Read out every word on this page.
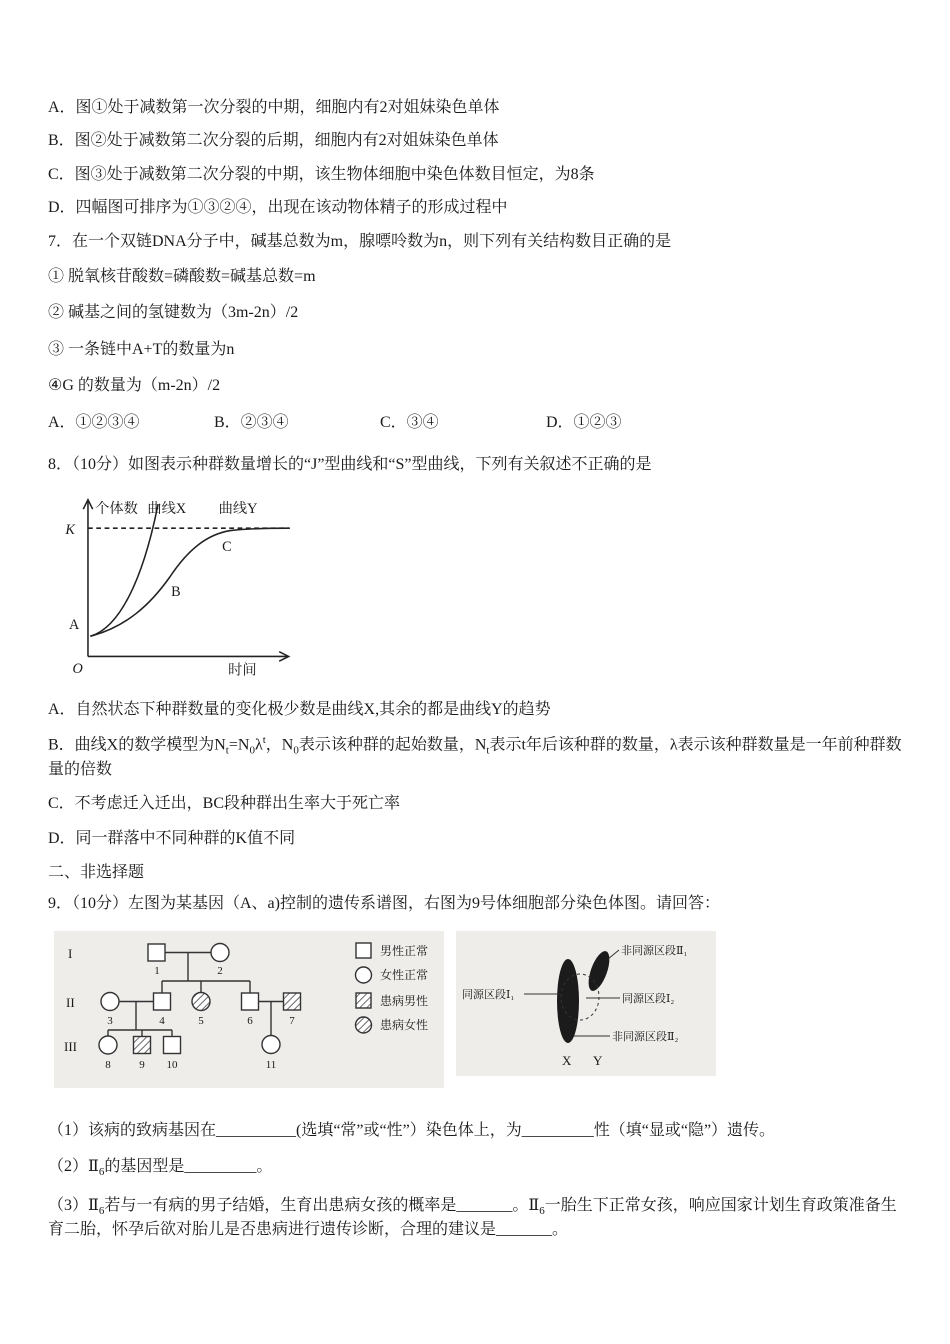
A．图①处于减数第一次分裂的中期，细胞内有2对姐妹染色单体

B．图②处于减数第二次分裂的后期，细胞内有2对姐妹染色单体

C．图③处于减数第二次分裂的中期，该生物体细胞中染色体数目恒定，为8条

D．四幅图可排序为①③②④，出现在该动物体精子的形成过程中

7．在一个双链DNA分子中，碱基总数为m，腺嘌呤数为n，则下列有关结构数目正确的是

① 脱氧核苷酸数=磷酸数=碱基总数=m

② 碱基之间的氢键数为（3m-2n）/2

③ 一条链中A+T的数量为n

④G 的数量为（m-2n）/2

A．①②③④	B．②③④	C．③④	D．①②③

8．（10分）如图表示种群数量增长的“J”型曲线和“S”型曲线，下列有关叙述不正确的是

个体数 曲线X	曲线Y
K
C
B
A
O	时间

A．自然状态下种群数量的变化极少数是曲线X,其余的都是曲线Y的趋势

B．曲线X的数学模型为$N_t=N_0\lambda^t$，$N_0$表示该种群的起始数量，$N_t$表示t年后该种群的数量，λ表示该种群数量是一年前种群数量的倍数

C．不考虑迁入迁出，BC段种群出生率大于死亡率

D．同一群落中不同种群的K值不同

二、非选择题

9．（10分）左图为某基因（A、a)控制的遗传系谱图，右图为9号体细胞部分染色体图。请回答：

I
II
III
1	2
3	4	5	6	7
8	9 10	11
男性正常
女性正常
患病男性
患病女性
非同源区段Ⅱ₁
同源区段Ⅰ₁	同源区段Ⅰ₂
非同源区段Ⅱ₂
X Y

（1）该病的致病基因在__________(选填“常”或“性”）染色体上，为_________性（填“显或“隐”）遗传。

$(2)Ⅱ_6$的基因型是_________。

$(3)Ⅱ_6$若与一有病的男子结婚，生育出患病女孩的概率是_______。$Ⅱ_6$一胎生下正常女孩，响应国家计划生育政策准备生育二胎，怀孕后欲对胎儿是否患病进行遗传诊断，合理的建议是_______。
